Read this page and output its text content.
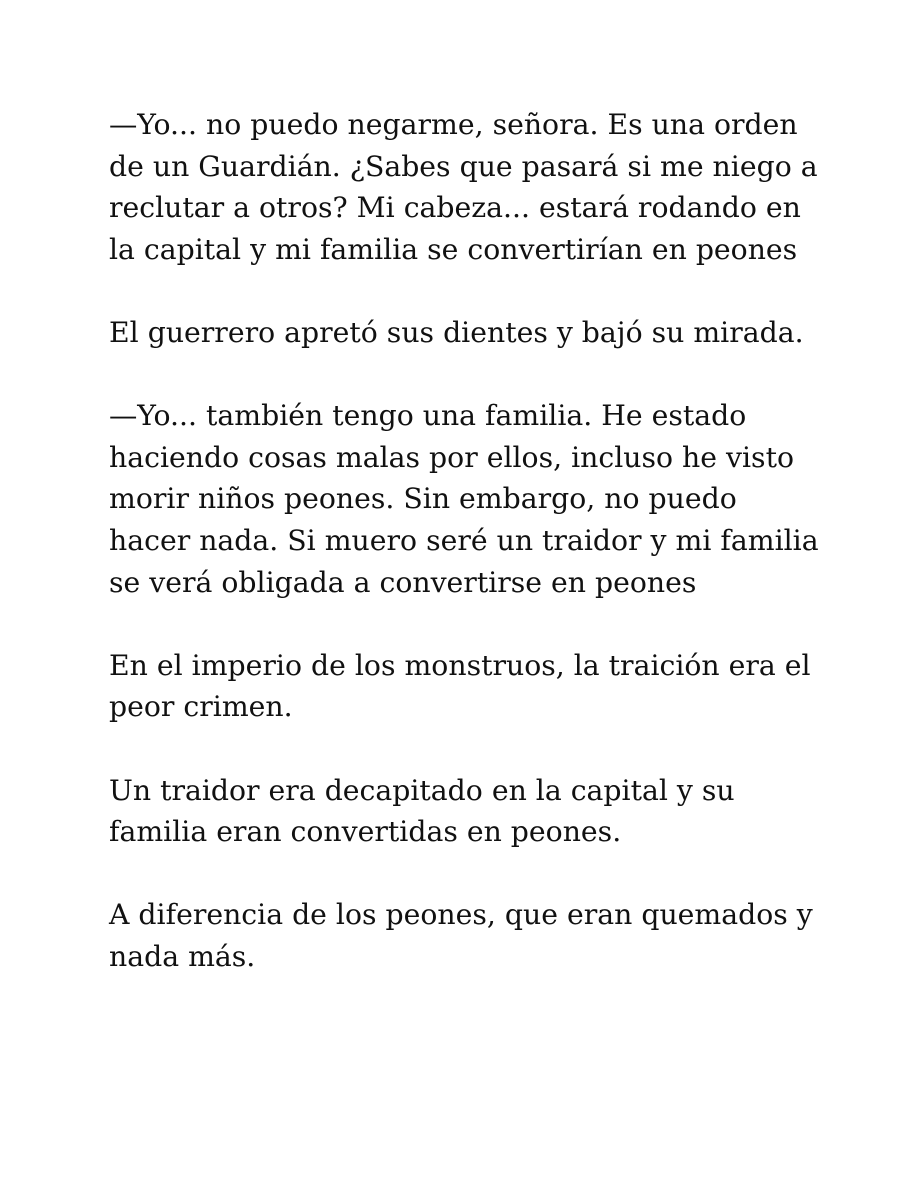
—Yo... no puedo negarme, señora. Es una orden
de un Guardián. ¿Sabes que pasará si me niego a
reclutar a otros? Mi cabeza... estará rodando en
la capital y mi familia se convertirían en peones

El guerrero apretó sus dientes y bajó su mirada.

—Yo... también tengo una familia. He estado
haciendo cosas malas por ellos, incluso he visto
morir niños peones. Sin embargo, no puedo
hacer nada. Si muero seré un traidor y mi familia
se verá obligada a convertirse en peones

En el imperio de los monstruos, la traición era el
peor crimen.

Un traidor era decapitado en la capital y su
familia eran convertidas en peones.

A diferencia de los peones, que eran quemados y
nada más.
